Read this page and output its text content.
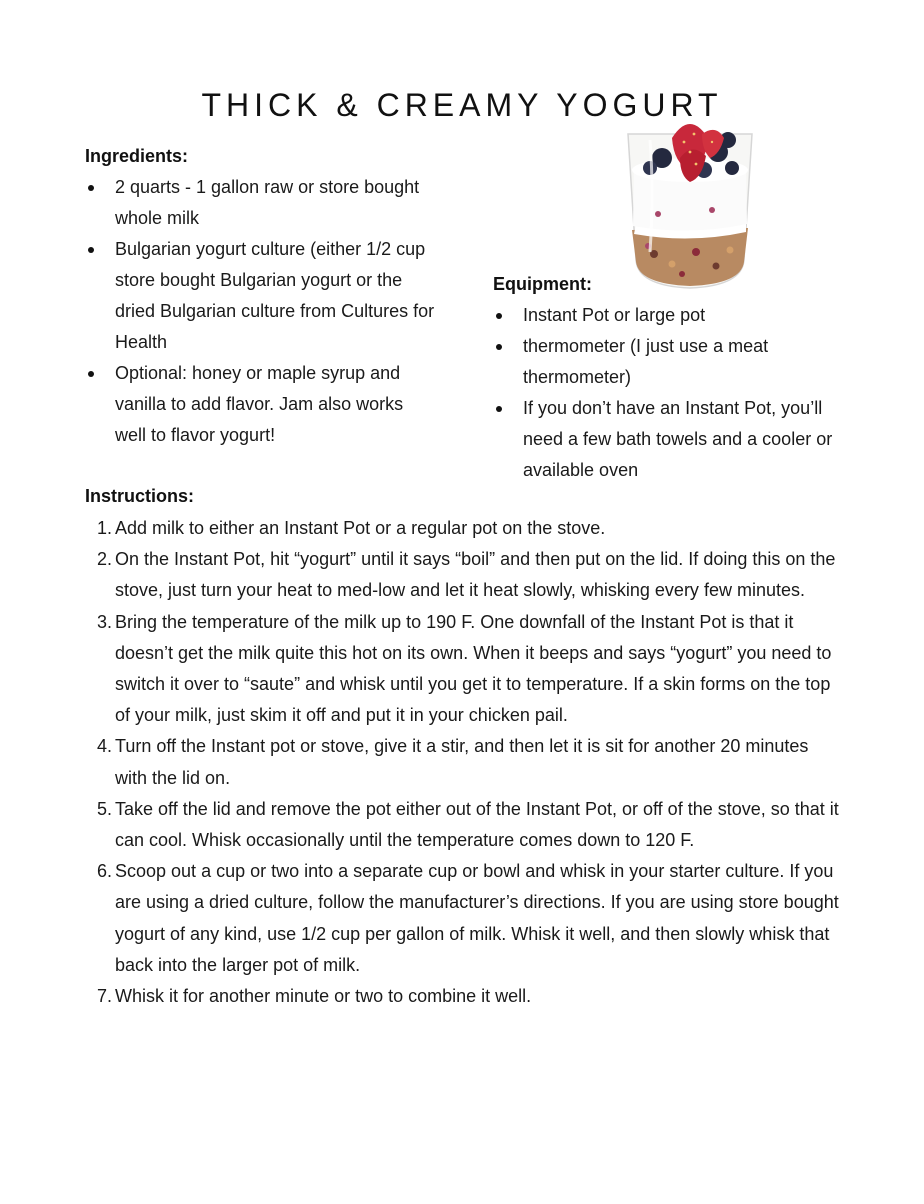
THICK & CREAMY YOGURT
Ingredients:
2 quarts - 1 gallon raw or store bought whole milk
Bulgarian yogurt culture (either 1/2 cup store bought Bulgarian yogurt or the dried Bulgarian culture from Cultures for Health
Optional: honey or maple syrup and vanilla to add flavor. Jam also works well to flavor yogurt!
Equipment:
Instant Pot or large pot
thermometer (I just use a meat thermometer)
If you don’t have an Instant Pot, you’ll need a few bath towels and a cooler or available oven
Instructions:
1. Add milk to either an Instant Pot or a regular pot on the stove.
2. On the Instant Pot, hit “yogurt” until it says “boil” and then put on the lid. If doing this on the stove, just turn your heat to med-low and let it heat slowly, whisking every few minutes.
3. Bring the temperature of the milk up to 190 F. One downfall of the Instant Pot is that it doesn’t get the milk quite this hot on its own. When it beeps and says “yogurt” you need to switch it over to “saute” and whisk until you get it to temperature. If a skin forms on the top of your milk, just skim it off and put it in your chicken pail.
4. Turn off the Instant pot or stove, give it a stir, and then let it is sit for another 20 minutes with the lid on.
5. Take off the lid and remove the pot either out of the Instant Pot, or off of the stove, so that it can cool. Whisk occasionally until the temperature comes down to 120 F.
6. Scoop out a cup or two into a separate cup or bowl and whisk in your starter culture. If you are using a dried culture, follow the manufacturer’s directions. If you are using store bought yogurt of any kind, use 1/2 cup per gallon of milk. Whisk it well, and then slowly whisk that back into the larger pot of milk.
7. Whisk it for another minute or two to combine it well.
